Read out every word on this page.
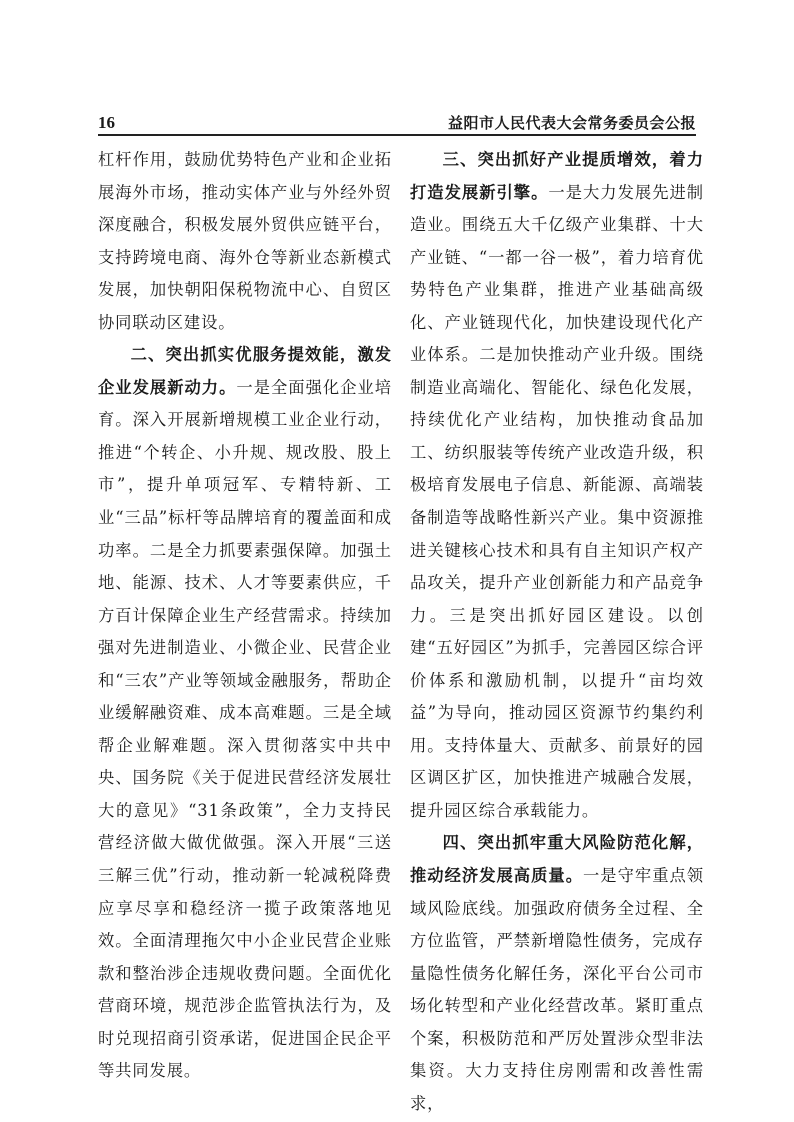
16	益阳市人民代表大会常务委员会公报

杠杆作用，鼓励优势特色产业和企业拓展海外市场，推动实体产业与外经外贸深度融合，积极发展外贸供应链平台，支持跨境电商、海外仓等新业态新模式发展，加快朝阳保税物流中心、自贸区协同联动区建设。

二、突出抓实优服务提效能，激发企业发展新动力。一是全面强化企业培育。深入开展新增规模工业企业行动，推进“个转企、小升规、规改股、股上市”，提升单项冠军、专精特新、工业“三品”标杆等品牌培育的覆盖面和成功率。二是全力抓要素强保障。加强土地、能源、技术、人才等要素供应，千方百计保障企业生产经营需求。持续加强对先进制造业、小微企业、民营企业和“三农”产业等领域金融服务，帮助企业缓解融资难、成本高难题。三是全域帮企业解难题。深入贯彻落实中共中央、国务院《关于促进民营经济发展壮大的意见》“31条政策”，全力支持民营经济做大做优做强。深入开展“三送三解三优”行动，推动新一轮减税降费应享尽享和稳经济一揽子政策落地见效。全面清理拖欠中小企业民营企业账款和整治涉企违规收费问题。全面优化营商环境，规范涉企监管执法行为，及时兑现招商引资承诺，促进国企民企平等共同发展。

三、突出抓好产业提质增效，着力打造发展新引擎。一是大力发展先进制造业。围绕五大千亿级产业集群、十大产业链、“一都一谷一极”，着力培育优势特色产业集群，推进产业基础高级化、产业链现代化，加快建设现代化产业体系。二是加快推动产业升级。围绕制造业高端化、智能化、绿色化发展，持续优化产业结构，加快推动食品加工、纺织服装等传统产业改造升级，积极培育发展电子信息、新能源、高端装备制造等战略性新兴产业。集中资源推进关键核心技术和具有自主知识产权产品攻关，提升产业创新能力和产品竞争力。三是突出抓好园区建设。以创建“五好园区”为抓手，完善园区综合评价体系和激励机制，以提升“亩均效益”为导向，推动园区资源节约集约利用。支持体量大、贡献多、前景好的园区调区扩区，加快推进产城融合发展，提升园区综合承载能力。

四、突出抓牢重大风险防范化解，推动经济发展高质量。一是守牢重点领域风险底线。加强政府债务全过程、全方位监管，严禁新增隐性债务，完成存量隐性债务化解任务，深化平台公司市场化转型和产业化经营改革。紧盯重点个案，积极防范和严厉处置涉众型非法集资。大力支持住房刚需和改善性需求，
